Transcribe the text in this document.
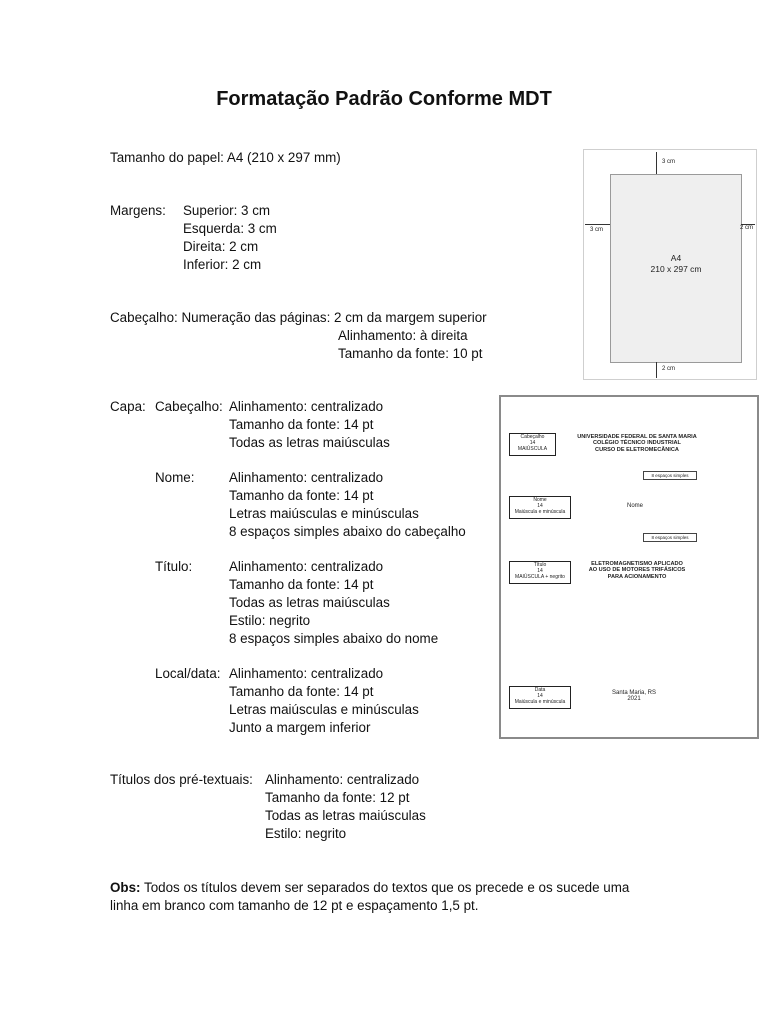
Formatação Padrão Conforme MDT
Tamanho do papel: A4 (210 x 297 mm)
Margens: Superior: 3 cm
Esquerda: 3 cm
Direita: 2 cm
Inferior: 2 cm
Cabeçalho: Numeração das páginas: 2 cm da margem superior
Alinhamento: à direita
Tamanho da fonte: 10 pt
Capa: Cabeçalho: Alinhamento: centralizado
Tamanho da fonte: 14 pt
Todas as letras maiúsculas
Nome:	Alinhamento: centralizado
Tamanho da fonte: 14 pt
Letras maiúsculas e minúsculas
8 espaços simples abaixo do cabeçalho
Título:	Alinhamento: centralizado
Tamanho da fonte: 14 pt
Todas as letras maiúsculas
Estilo: negrito
8 espaços simples abaixo do nome
Local/data: Alinhamento: centralizado
Tamanho da fonte: 14 pt
Letras maiúsculas e minúsculas
Junto a margem inferior
Títulos dos pré-textuais: Alinhamento: centralizado
Tamanho da fonte: 12 pt
Todas as letras maiúsculas
Estilo: negrito
Obs: Todos os títulos devem ser separados do textos que os precede e os sucede uma
linha em branco com tamanho de 12 pt e espaçamento 1,5 pt.
A4
210 x 297 cm
3 cm
3 cm	2 cm
2 cm
Cabeçalho
14
MAIÚSCULA
UNIVERSIDADE FEDERAL DE SANTA MARIA
COLÉGIO TÉCNICO INDUSTRIAL
CURSO DE ELETROMECÂNICA
8 espaços simples
Nome
14
Maiúscula e minúscula
Nome
8 espaços simples
Título
14
MAIÚSCULA + negrito
ELETROMAGNETISMO APLICADO
AO USO DE MOTORES TRIFÁSICOS
PARA ACIONAMENTO
Data
14
Maiúscula e minúscula
Santa Maria, RS
2021
